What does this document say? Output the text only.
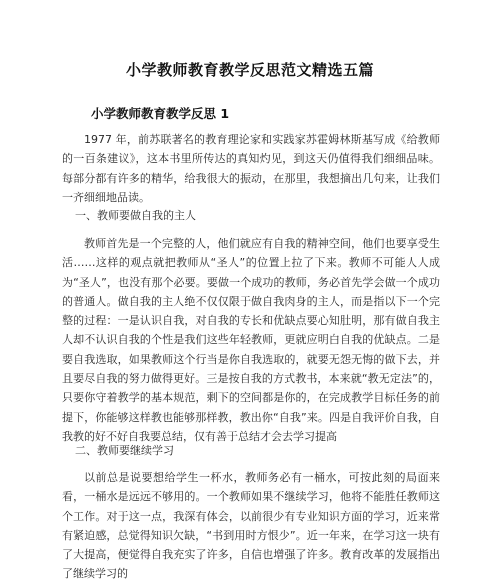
小学教师教育教学反思范文精选五篇
小学教师教育教学反思 1

1977 年，前苏联著名的教育理论家和实践家苏霍姆林斯基写成《给教师的一百条建议》，这本书里所传达的真知灼见，到这天仍值得我们细细品味。每部分都有许多的精华，给我很大的振动，在那里，我想摘出几句来，让我们一齐细细地品读。

一、教师要做自我的主人

教师首先是一个完整的人，他们就应有自我的精神空间，他们也要享受生活……这样的观点就把教师从“圣人”的位置上拉了下来。教师不可能人人成为“圣人”，也没有那个必要。要做一个成功的教师，务必首先学会做一个成功的普通人。做自我的主人绝不仅仅限于做自我肉身的主人，而是指以下一个完整的过程：一是认识自我，对自我的专长和优缺点要心知肚明，那有做自我主人却不认识自我的个性是我们这些年轻教师，更就应明白自我的优缺点。二是要自我选取，如果教师这个行当是你自我选取的，就要无怨无悔的做下去，并且要尽自我的努力做得更好。三是按自我的方式教书，本来就“教无定法”的，只要你守着教学的基本规范，剩下的空间都是你的，在完成教学目标任务的前提下，你能够这样教也能够那样教，教出你“自我”来。四是自我评价自我，自我教的好不好自我要总结，仅有善于总结才会去学习提高

二、教师要继续学习

以前总是说要想给学生一杯水，教师务必有一桶水，可按此刻的局面来看，一桶水是远远不够用的。一个教师如果不继续学习，他将不能胜任教师这个工作。对于这一点，我深有体会，以前很少有专业知识方面的学习，近来常有紧迫感，总觉得知识欠缺，“书到用时方恨少”。近一年来，在学习这一块有了大提高，便觉得自我充实了许多，自信也增强了许多。教育改革的发展指出了继续学习的
